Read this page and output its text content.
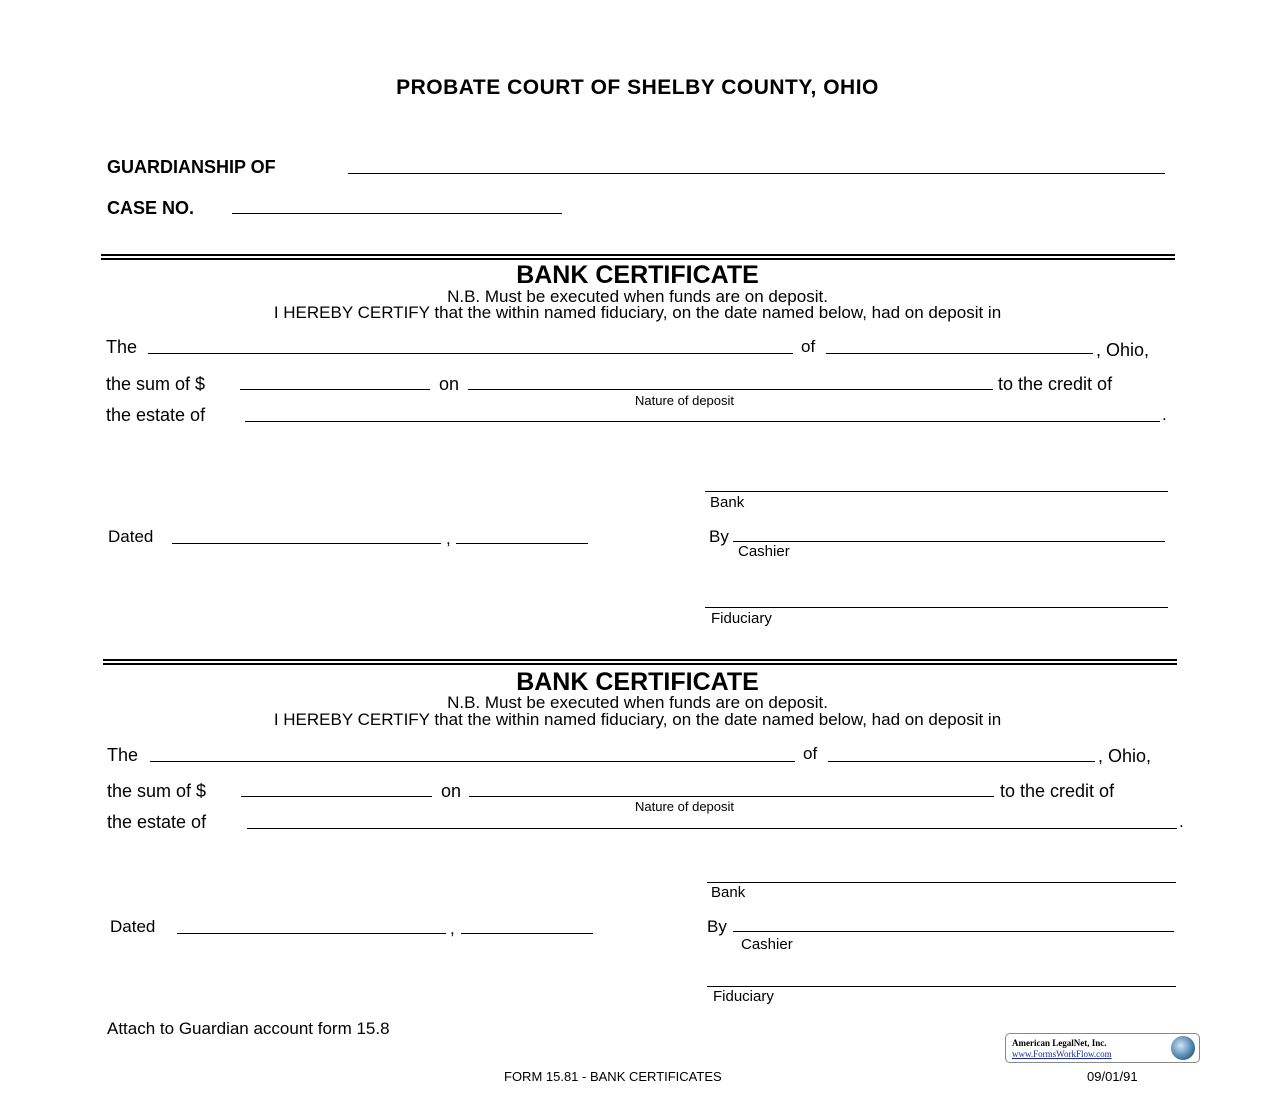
PROBATE COURT OF SHELBY COUNTY, OHIO
GUARDIANSHIP OF
CASE NO.
BANK CERTIFICATE
N.B. Must be executed when funds are on deposit.
I HEREBY CERTIFY that the within named fiduciary, on the date named below, had on deposit in
The	of	, Ohio,
the sum of $	on	to the credit of
Nature of deposit
the estate of	.
Bank
Dated	,	By
Cashier
Fiduciary
BANK CERTIFICATE
N.B. Must be executed when funds are on deposit.
I HEREBY CERTIFY that the within named fiduciary, on the date named below, had on deposit in
The	of	, Ohio,
the sum of $	on	to the credit of
Nature of deposit
the estate of	.
Bank
Dated	,	By
Cashier
Fiduciary
Attach to Guardian account form 15.8
FORM 15.81 - BANK CERTIFICATES	09/01/91
American LegalNet, Inc.
www.FormsWorkFlow.com
